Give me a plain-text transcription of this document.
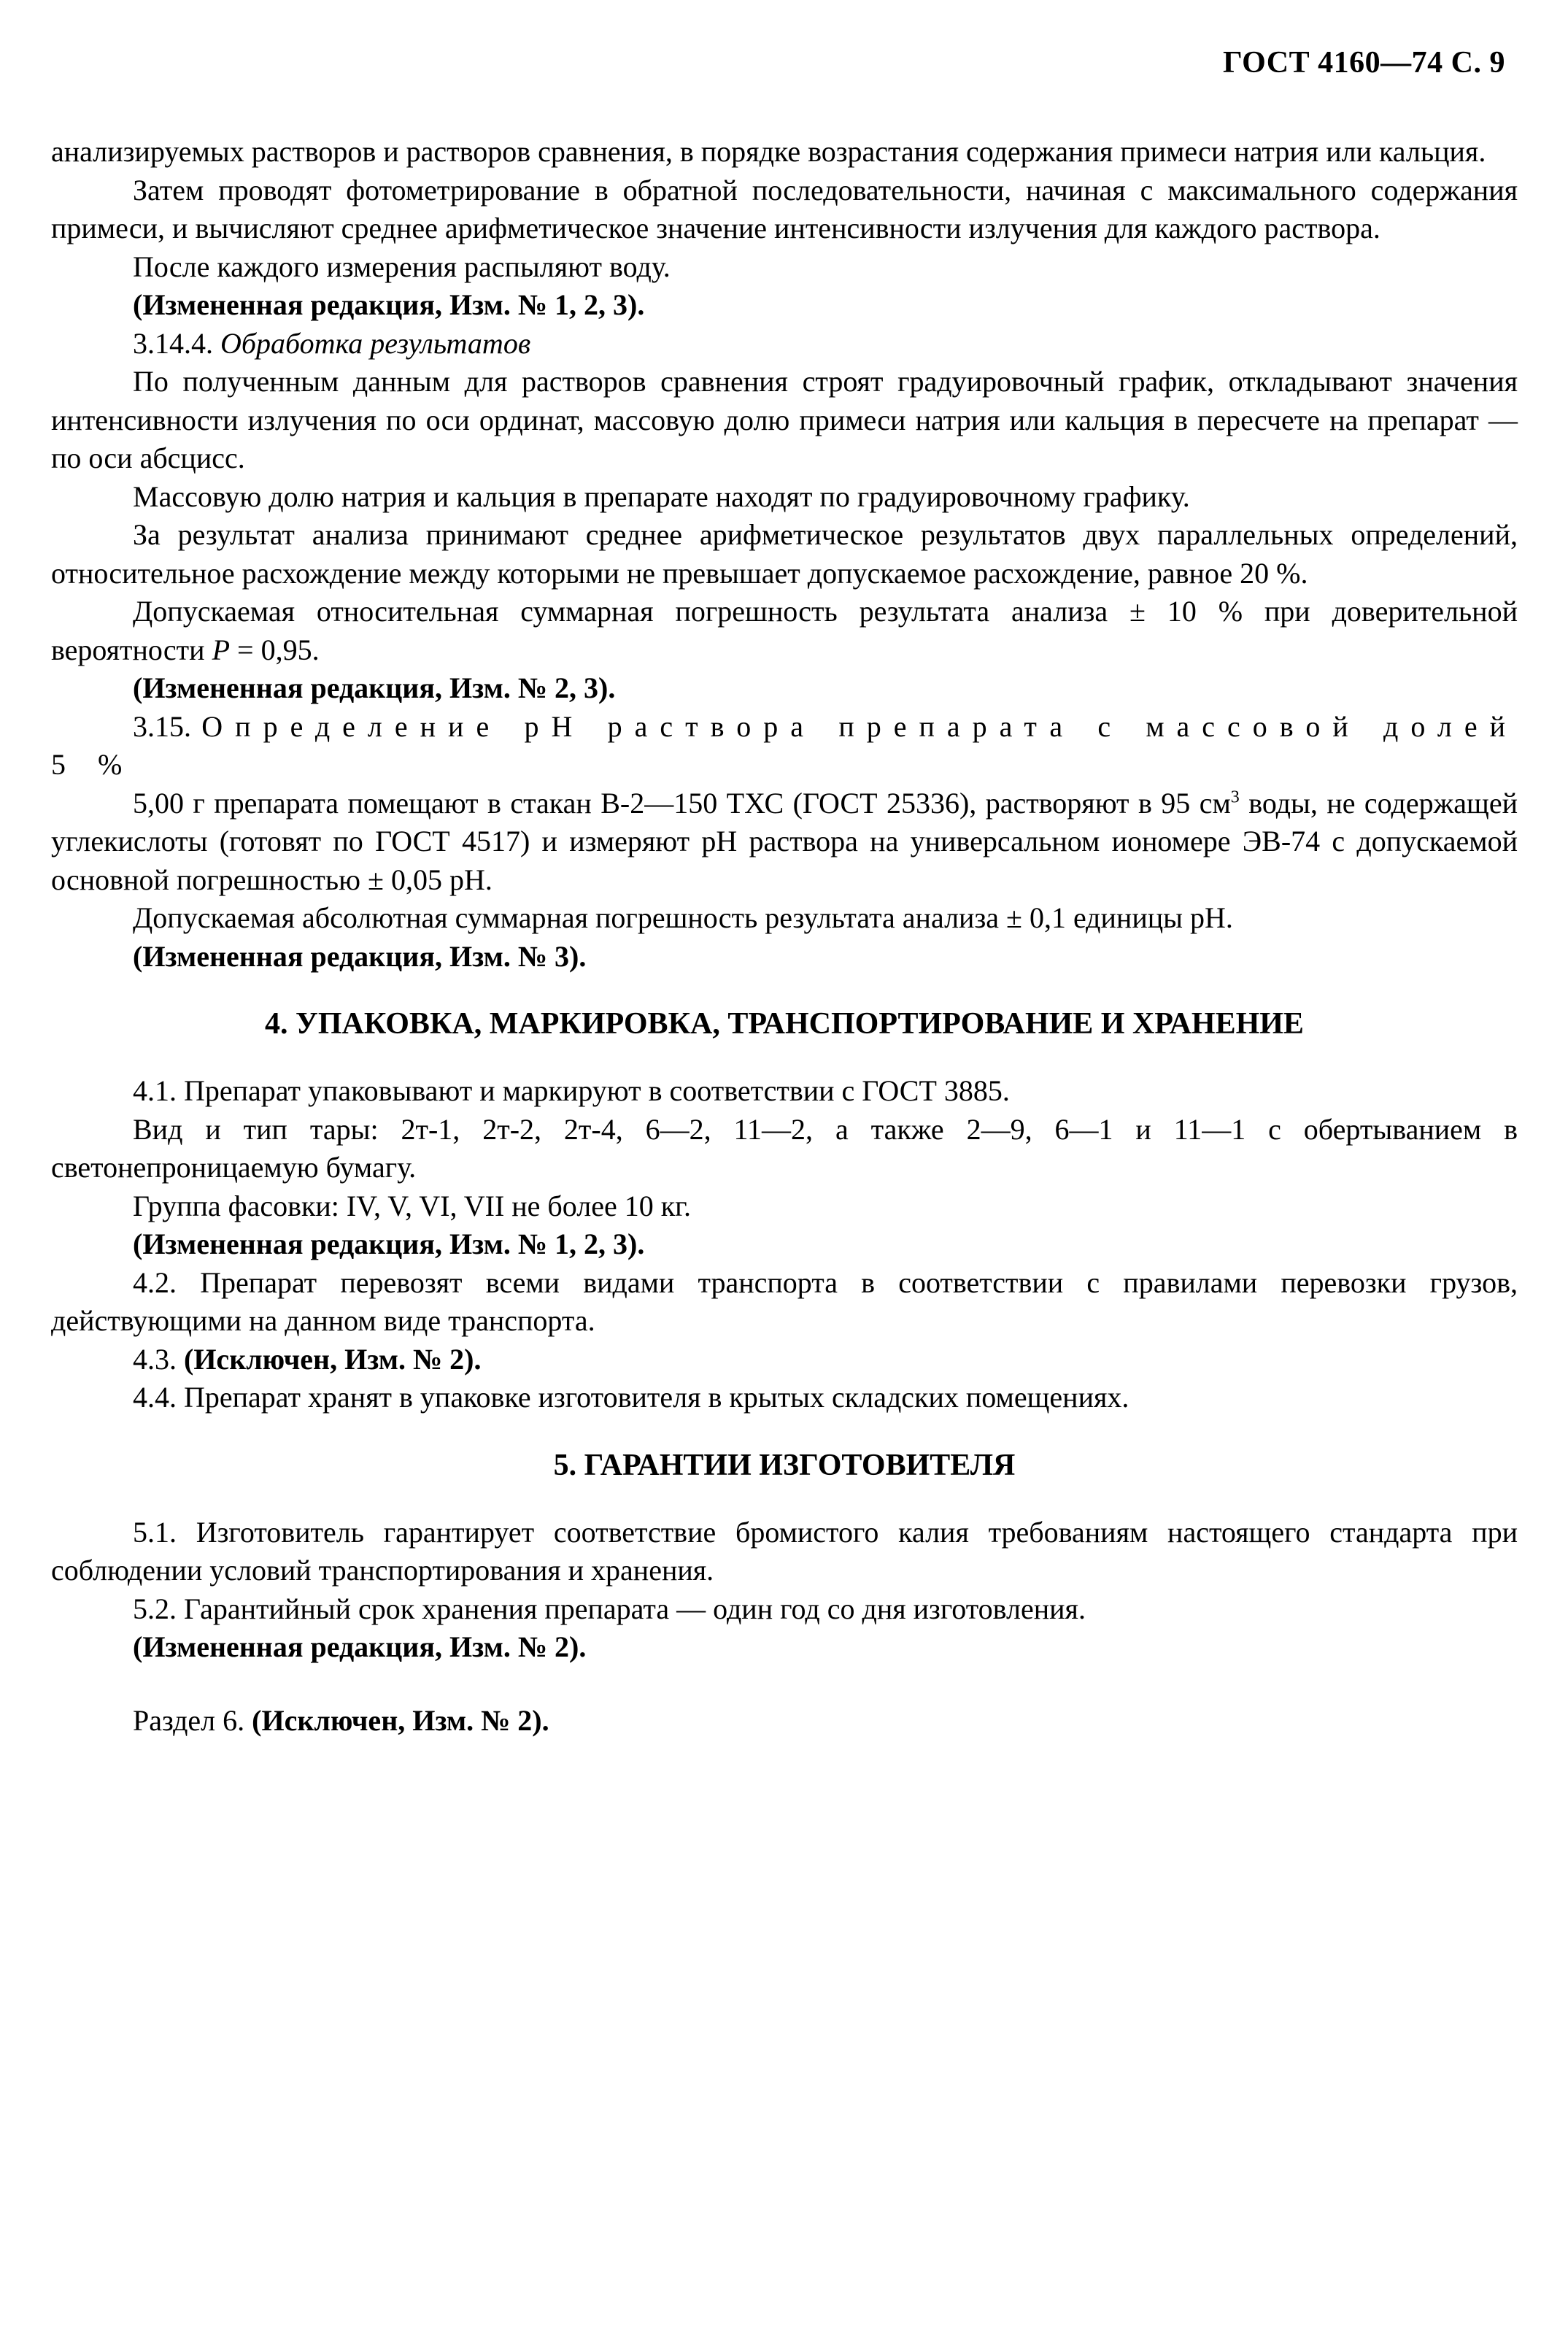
ГОСТ 4160—74 С. 9

анализируемых растворов и растворов сравнения, в порядке возрастания содержания примеси натрия или кальция.

Затем проводят фотометрирование в обратной последовательности, начиная с максимального содержания примеси, и вычисляют среднее арифметическое значение интенсивности излучения для каждого раствора.

После каждого измерения распыляют воду.

(Измененная редакция, Изм. № 1, 2, 3).

3.14.4. Обработка результатов

По полученным данным для растворов сравнения строят градуировочный график, откладывают значения интенсивности излучения по оси ординат, массовую долю примеси натрия или кальция в пересчете на препарат — по оси абсцисс.

Массовую долю натрия и кальция в препарате находят по градуировочному графику.

За результат анализа принимают среднее арифметическое результатов двух параллельных определений, относительное расхождение между которыми не превышает допускаемое расхождение, равное 20 %.

Допускаемая относительная суммарная погрешность результата анализа ± 10 % при доверительной вероятности P = 0,95.

(Измененная редакция, Изм. № 2, 3).

3.15. Определение рН раствора препарата с массовой долей 5 %

5,00 г препарата помещают в стакан В-2—150 ТХС (ГОСТ 25336), растворяют в 95 $см^3$ воды, не содержащей углекислоты (готовят по ГОСТ 4517) и измеряют рН раствора на универсальном иономере ЭВ-74 с допускаемой основной погрешностью ± 0,05 рН.

Допускаемая абсолютная суммарная погрешность результата анализа ± 0,1 единицы рН.

(Измененная редакция, Изм. № 3).

4. УПАКОВКА, МАРКИРОВКА, ТРАНСПОРТИРОВАНИЕ И ХРАНЕНИЕ

4.1. Препарат упаковывают и маркируют в соответствии с ГОСТ 3885.

Вид и тип тары: 2т-1, 2т-2, 2т-4, 6—2, 11—2, а также 2—9, 6—1 и 11—1 с обертыванием в светонепроницаемую бумагу.

Группа фасовки: IV, V, VI, VII не более 10 кг.

(Измененная редакция, Изм. № 1, 2, 3).

4.2. Препарат перевозят всеми видами транспорта в соответствии с правилами перевозки грузов, действующими на данном виде транспорта.

4.3. (Исключен, Изм. № 2).

4.4. Препарат хранят в упаковке изготовителя в крытых складских помещениях.

5. ГАРАНТИИ ИЗГОТОВИТЕЛЯ

5.1. Изготовитель гарантирует соответствие бромистого калия требованиям настоящего стандарта при соблюдении условий транспортирования и хранения.

5.2. Гарантийный срок хранения препарата — один год со дня изготовления.

(Измененная редакция, Изм. № 2).

Раздел 6. (Исключен, Изм. № 2).
